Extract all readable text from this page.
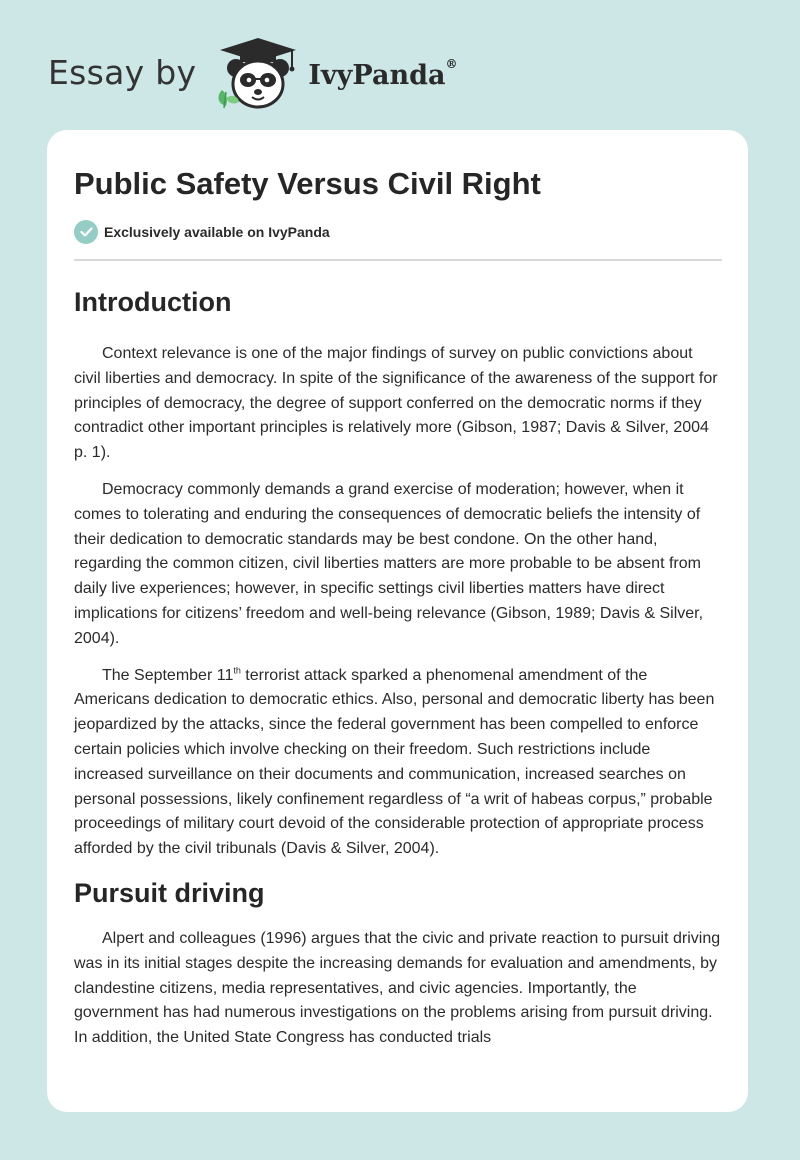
Essay by	IvyPanda®
Public Safety Versus Civil Right
Exclusively available on IvyPanda
Introduction

Context relevance is one of the major findings of survey on public convictions about civil liberties and democracy. In spite of the significance of the awareness of the support for principles of democracy, the degree of support conferred on the democratic norms if they contradict other important principles is relatively more (Gibson, 1987; Davis & Silver, 2004 p. 1).

Democracy commonly demands a grand exercise of moderation; however, when it comes to tolerating and enduring the consequences of democratic beliefs the intensity of their dedication to democratic standards may be best condone. On the other hand, regarding the common citizen, civil liberties matters are more probable to be absent from daily live experiences; however, in specific settings civil liberties matters have direct implications for citizens’ freedom and well-being relevance (Gibson, 1989; Davis & Silver, 2004).

The September 11th terrorist attack sparked a phenomenal amendment of the Americans dedication to democratic ethics. Also, personal and democratic liberty has been jeopardized by the attacks, since the federal government has been compelled to enforce certain policies which involve checking on their freedom. Such restrictions include increased surveillance on their documents and communication, increased searches on personal possessions, likely confinement regardless of “a writ of habeas corpus,” probable proceedings of military court devoid of the considerable protection of appropriate process afforded by the civil tribunals (Davis & Silver, 2004).

Pursuit driving

Alpert and colleagues (1996) argues that the civic and private reaction to pursuit driving was in its initial stages despite the increasing demands for evaluation and amendments, by clandestine citizens, media representatives, and civic agencies. Importantly, the government has had numerous investigations on the problems arising from pursuit driving. In addition, the United State Congress has conducted trials
